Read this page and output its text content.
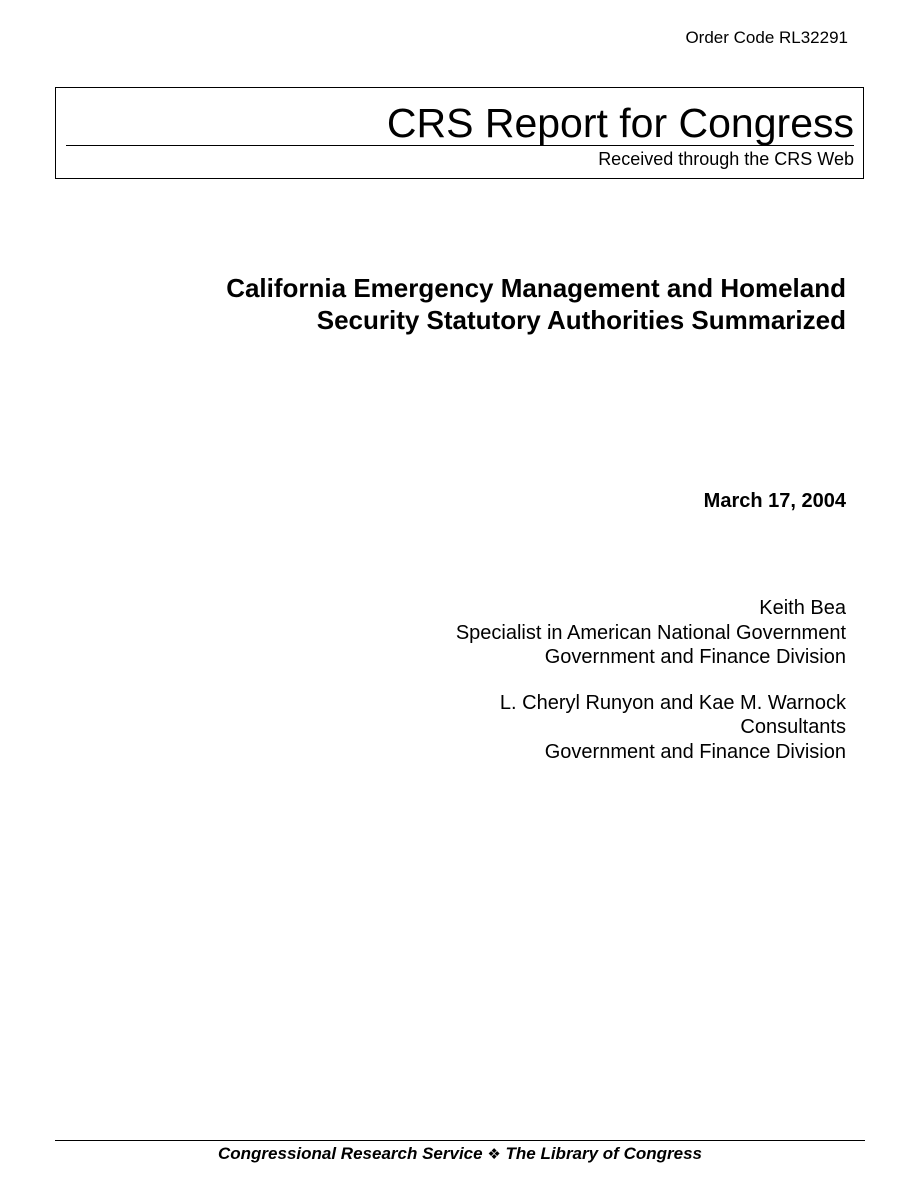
Order Code RL32291
CRS Report for Congress
Received through the CRS Web
California Emergency Management and Homeland
Security Statutory Authorities Summarized
March 17, 2004
Keith Bea
Specialist in American National Government
Government and Finance Division
L. Cheryl Runyon and Kae M. Warnock
Consultants
Government and Finance Division
Congressional Research Service ❖ The Library of Congress
